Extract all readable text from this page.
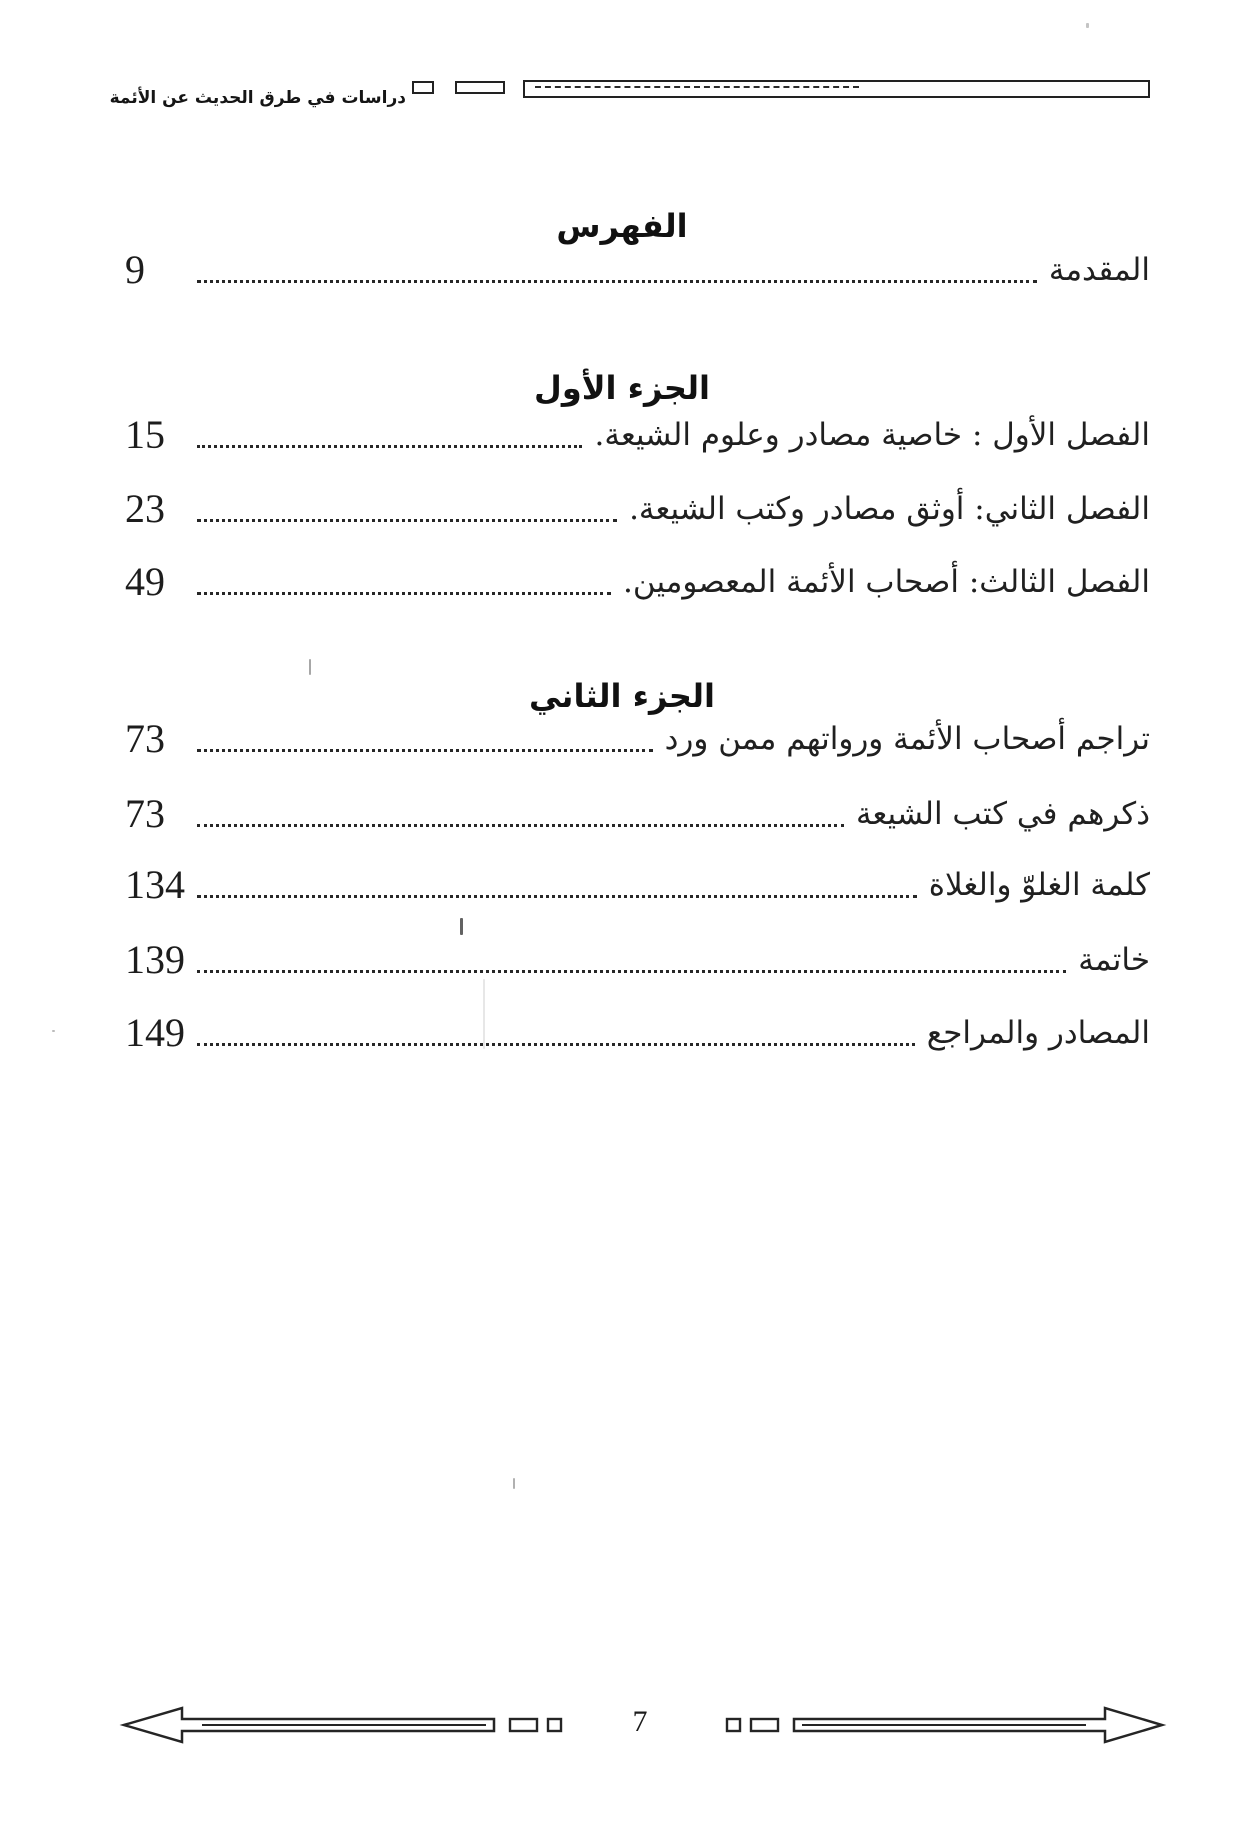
دراسات في طرق الحديث عن الأئمة
الفهرس
المقدمة
9
الجزء الأول
الفصل الأول : خاصية مصادر وعلوم الشيعة.
15
الفصل الثاني: أوثق مصادر وكتب الشيعة.
23
الفصل الثالث: أصحاب الأئمة المعصومين.
49
الجزء الثاني
تراجم أصحاب الأئمة ورواتهم ممن ورد
73
ذكرهم في كتب الشيعة
73
كلمة الغلوّ والغلاة
134
خاتمة
139
المصادر والمراجع
149
7
